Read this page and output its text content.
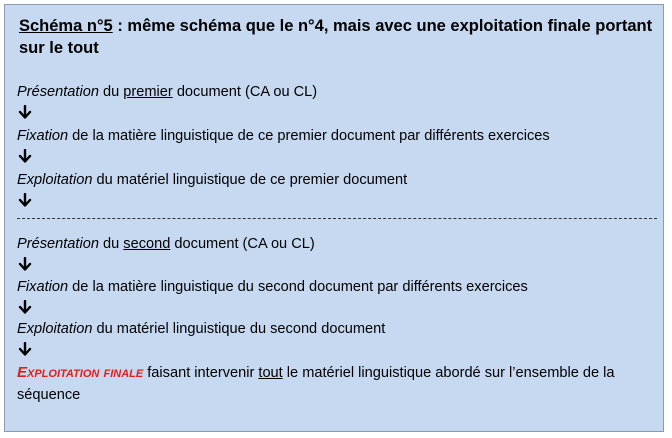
Schéma n°5 : même schéma que le n°4, mais avec une exploitation finale portant sur le tout
Présentation du premier document (CA ou CL)
Fixation de la matière linguistique de ce premier document par différents exercices
Exploitation du matériel linguistique de ce premier document
Présentation du second document (CA ou CL)
Fixation de la matière linguistique du second document par différents exercices
Exploitation du matériel linguistique du second document
Exploitation finale faisant intervenir tout le matériel linguistique abordé sur l’ensemble de la séquence
